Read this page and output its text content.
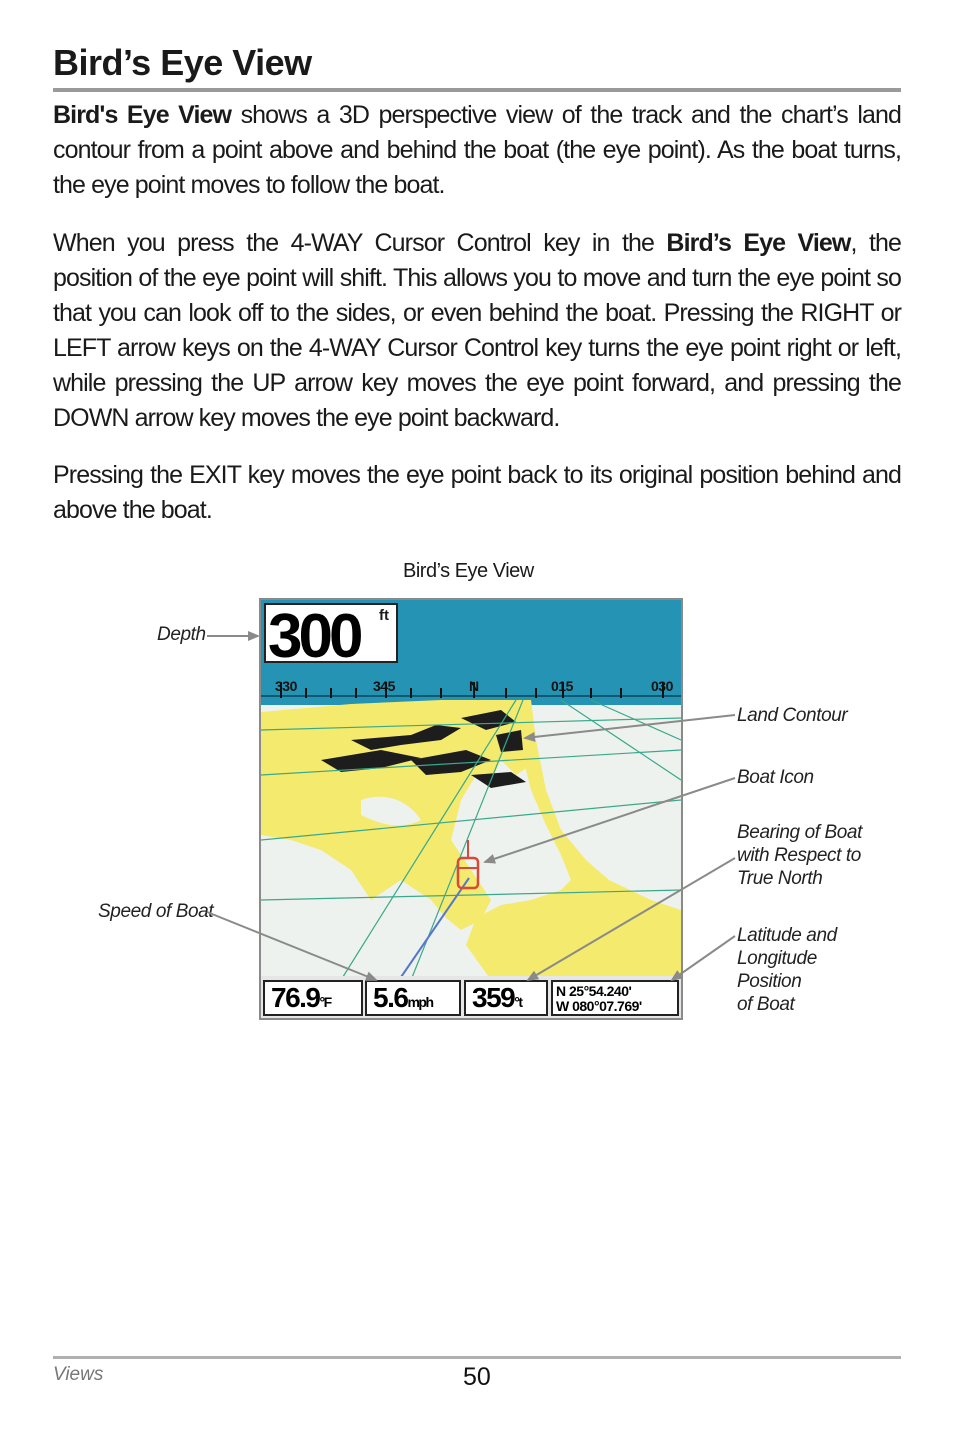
Bird’s Eye View

Bird's Eye View shows a 3D perspective view of the track and the chart’s land contour from a point above and behind the boat (the eye point). As the boat turns, the eye point moves to follow the boat.

When you press the 4-WAY Cursor Control key in the Bird’s Eye View, the position of the eye point will shift. This allows you to move and turn the eye point so that you can look off to the sides, or even behind the boat. Pressing the RIGHT or LEFT arrow keys on the 4-WAY Cursor Control key turns the eye point right or left, while pressing the UP arrow key moves the eye point forward, and pressing the DOWN arrow key moves the eye point backward.

Pressing the EXIT key moves the eye point back to its original position behind and above the boat.

Bird’s Eye View
300 ft
330	345	N	015	030
76.9°F 5.6mph 359°t
N 25°54.240'
W 080°07.769'
Depth
Land Contour
Boat Icon
Bearing of Boat
with Respect to
True North
Speed of Boat
Latitude and
Longitude
Position
of Boat
Views	50
